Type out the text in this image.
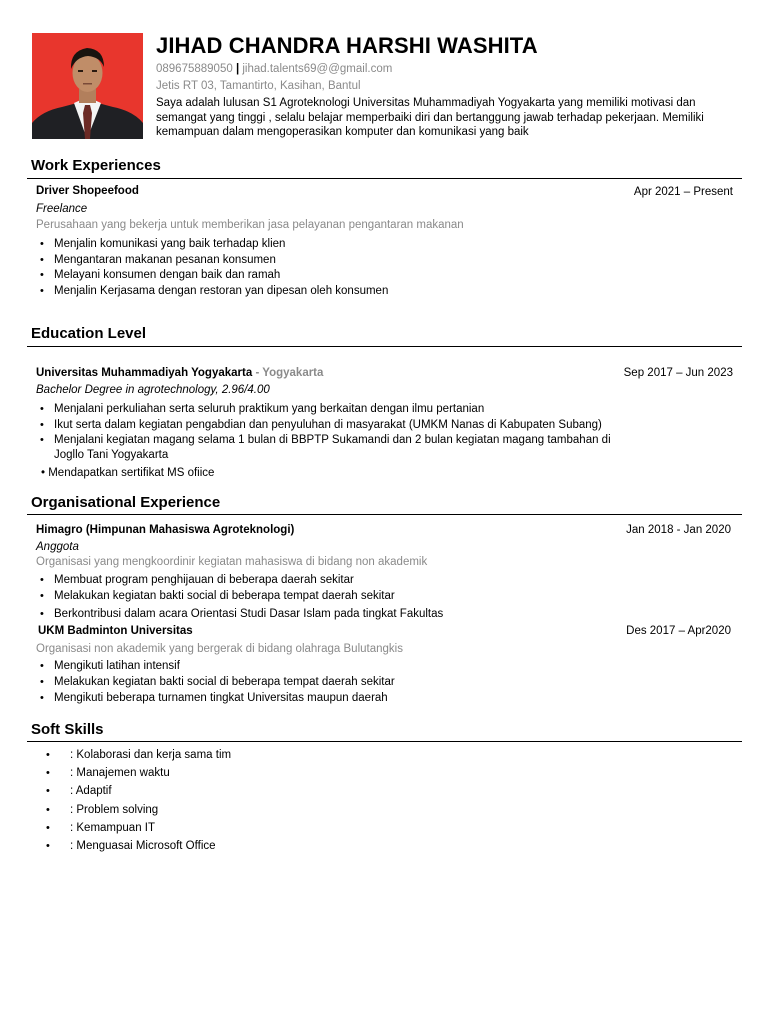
JIHAD CHANDRA HARSHI WASHITA
089675889050 | jihad.talents69@@gmail.com
Jetis RT 03, Tamantirto, Kasihan, Bantul
Saya adalah lulusan S1 Agroteknologi Universitas Muhammadiyah Yogyakarta yang memiliki motivasi dan semangat yang tinggi , selalu belajar memperbaiki diri dan bertanggung jawab terhadap pekerjaan. Memiliki kemampuan dalam mengoperasikan komputer dan komunikasi yang baik
Work Experiences
Driver Shopeefood	Apr 2021 – Present
Freelance
Perusahaan yang bekerja untuk memberikan jasa pelayanan pengantaran makanan
• Menjalin komunikasi yang baik terhadap klien
• Mengantaran makanan pesanan konsumen
• Melayani konsumen dengan baik dan ramah
• Menjalin Kerjasama dengan restoran yan dipesan oleh konsumen
Education Level
Universitas Muhammadiyah Yogyakarta - Yogyakarta	Sep 2017 – Jun 2023
Bachelor Degree in agrotechnology, 2.96/4.00
• Menjalani perkuliahan serta seluruh praktikum yang berkaitan dengan ilmu pertanian
• Ikut serta dalam kegiatan pengabdian dan penyuluhan di masyarakat (UMKM Nanas di Kabupaten Subang)
• Menjalani kegiatan magang selama 1 bulan di BBPTP Sukamandi dan 2 bulan kegiatan magang tambahan di Jogllo Tani Yogyakarta
• Mendapatkan sertifikat MS ofiice
Organisational Experience
Himagro (Himpunan Mahasiswa Agroteknologi)	Jan 2018 - Jan 2020
Anggota
Organisasi yang mengkoordinir kegiatan mahasiswa di bidang non akademik
• Membuat program penghijauan di beberapa daerah sekitar
• Melakukan kegiatan bakti social di beberapa tempat daerah sekitar
• Berkontribusi dalam acara Orientasi Studi Dasar Islam pada tingkat Fakultas
UKM Badminton Universitas	Des 2017 – Apr2020
Organisasi non akademik yang bergerak di bidang olahraga Bulutangkis
• Mengikuti latihan intensif
• Melakukan kegiatan bakti social di beberapa tempat daerah sekitar
• Mengikuti beberapa turnamen tingkat Universitas maupun daerah
Soft Skills
• : Kolaborasi dan kerja sama tim
• : Manajemen waktu
• : Adaptif
• : Problem solving
• : Kemampuan IT
• : Menguasai Microsoft Office
